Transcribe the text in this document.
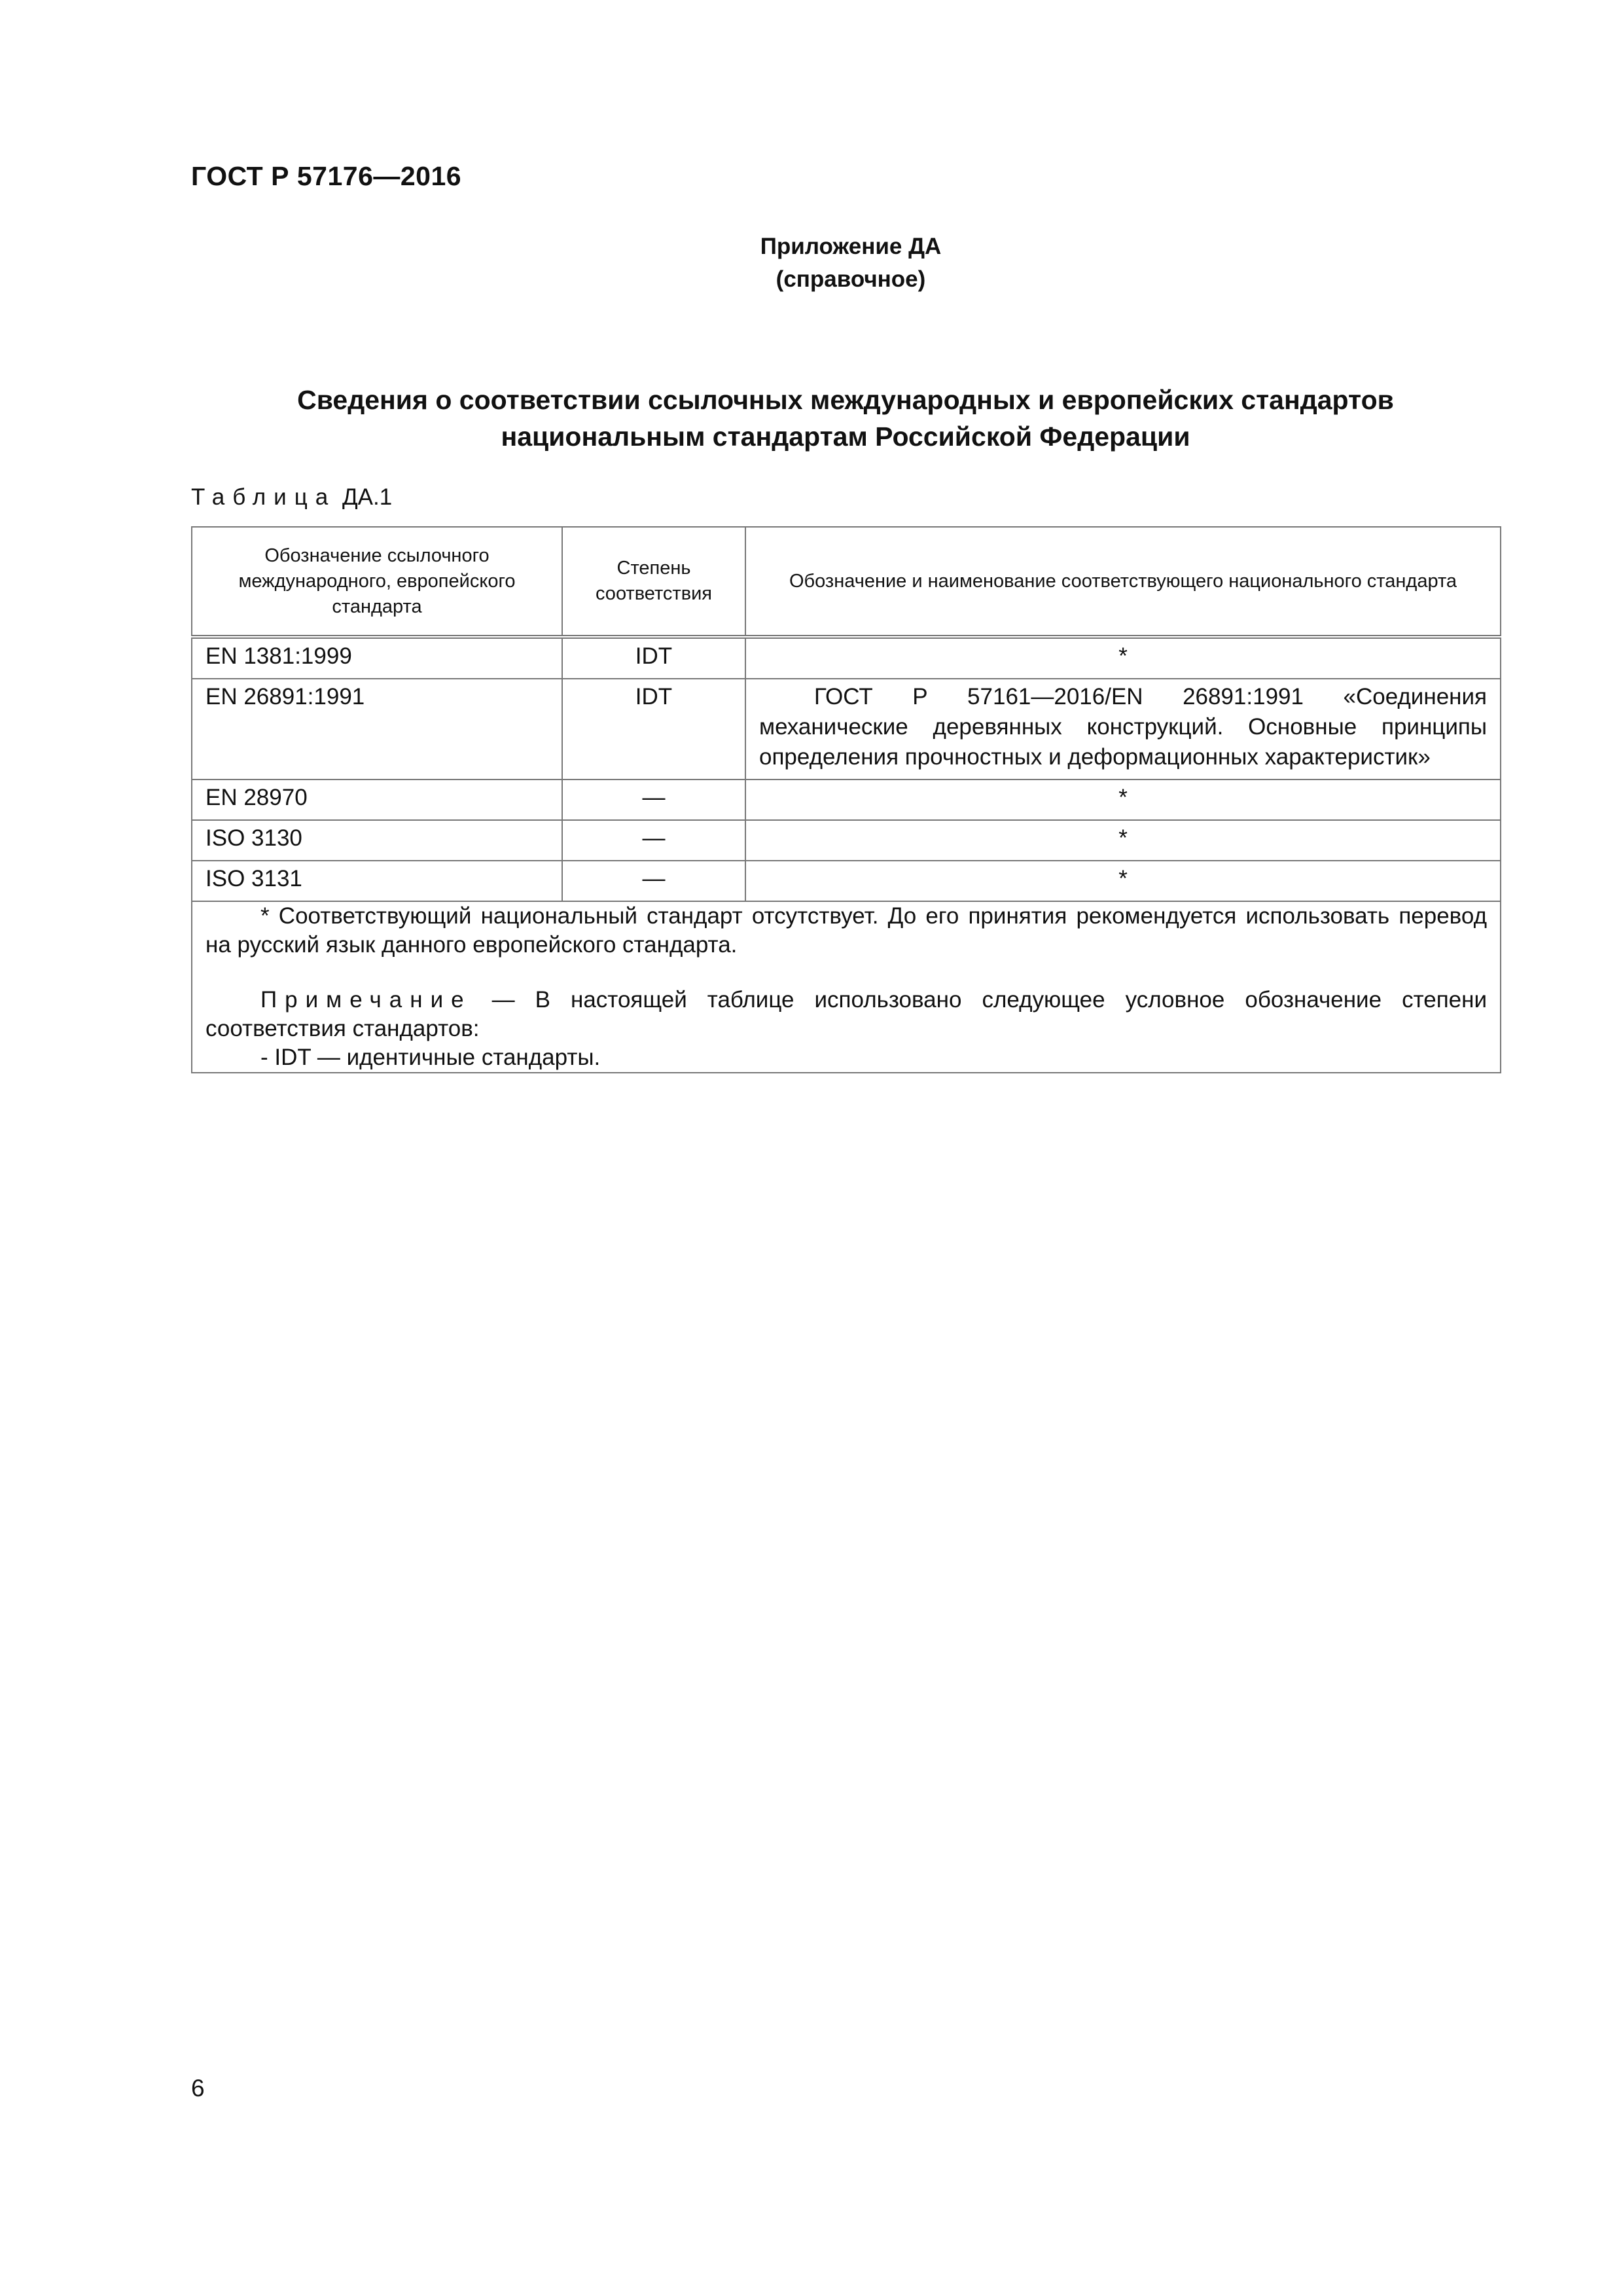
ГОСТ Р 57176—2016
Приложение ДА
(справочное)
Сведения о соответствии ссылочных международных и европейских стандартов
национальным стандартам Российской Федерации
Таблица ДА.1
Обозначение ссылочного международного, европейского стандарта	Степень соответствия	Обозначение и наименование соответствующего национального стандарта
EN 1381:1999	IDT	*
EN 26891:1991	IDT	ГОСТ Р 57161—2016/EN 26891:1991 «Соединения механические деревянных конструкций. Основные принципы определения прочностных и деформационных характеристик»
EN 28970	—	*
ISO 3130	—	*
ISO 3131	—	*

* Соответствующий национальный стандарт отсутствует. До его принятия рекомендуется использовать перевод на русский язык данного европейского стандарта.

Примечание — В настоящей таблице использовано следующее условное обозначение степени соответствия стандартов:

- IDT — идентичные стандарты.		

6
